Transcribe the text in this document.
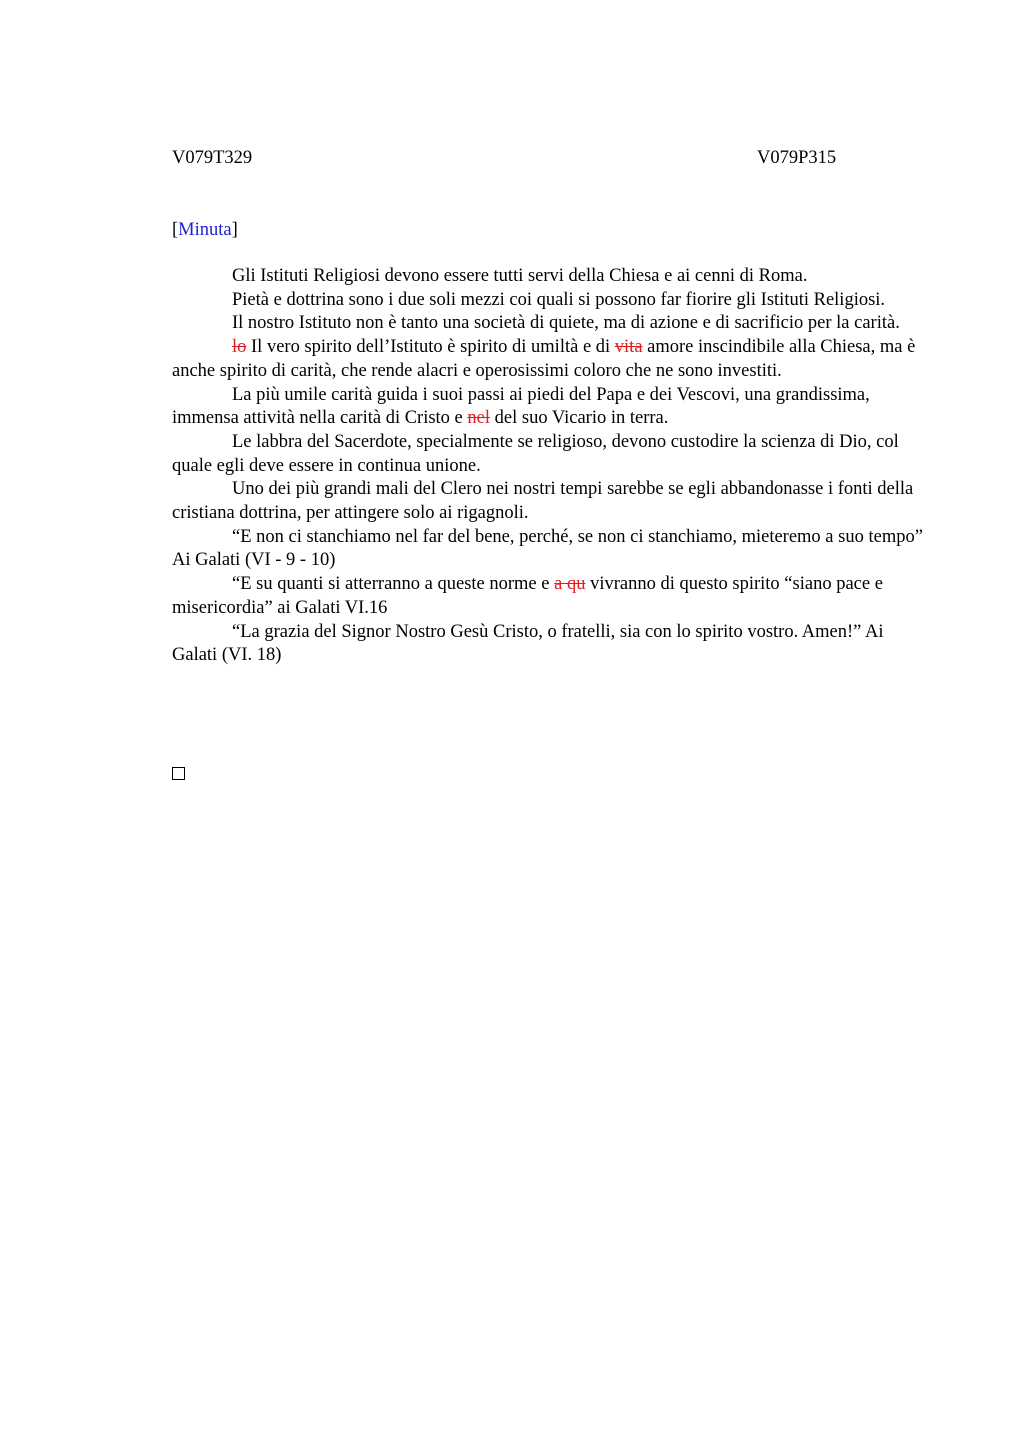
V079T329	V079P315
[Minuta]

Gli Istituti Religiosi devono essere tutti servi della Chiesa e ai cenni di Roma.

Pietà e dottrina sono i due soli mezzi coi quali si possono far fiorire gli Istituti Religiosi.

Il nostro Istituto non è tanto una società di quiete, ma di azione e di sacrificio per la carità.

lo Il vero spirito dell’Istituto è spirito di umiltà e di vita amore inscindibile alla Chiesa, ma è anche spirito di carità, che rende alacri e operosissimi coloro che ne sono investiti.

La più umile carità guida i suoi passi ai piedi del Papa e dei Vescovi, una grandissima, immensa attività nella carità di Cristo e nel del suo Vicario in terra.

Le labbra del Sacerdote, specialmente se religioso, devono custodire la scienza di Dio, col quale egli deve essere in continua unione.

Uno dei più grandi mali del Clero nei nostri tempi sarebbe se egli abbandonasse i fonti della cristiana dottrina, per attingere solo ai rigagnoli.

“E non ci stanchiamo nel far del bene, perché, se non ci stanchiamo, mieteremo a suo tempo” Ai Galati (VI - 9 - 10)

“E su quanti si atterranno a queste norme e a qu vivranno di questo spirito “siano pace e misericordia” ai Galati VI.16

“La grazia del Signor Nostro Gesù Cristo, o fratelli, sia con lo spirito vostro. Amen!” Ai Galati (VI. 18)
